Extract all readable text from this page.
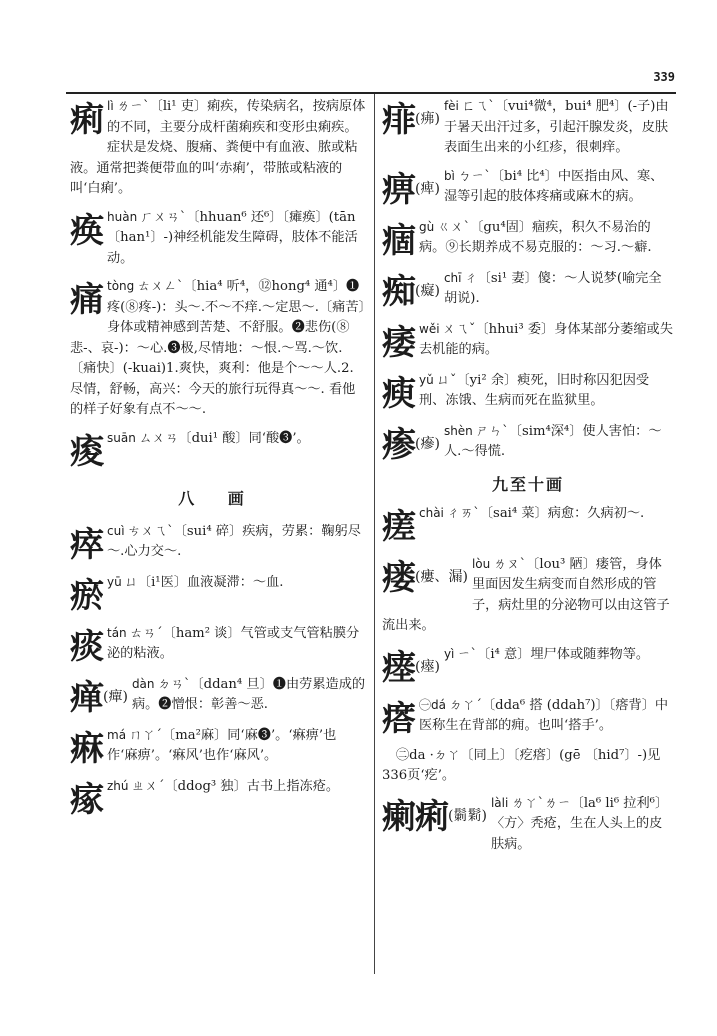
339
痢lì ㄌㄧˋ〔li¹ 吏〕痢疾，传染病名，按病原体的不同，主要分成杆菌痢疾和变形虫痢疾。症状是发烧、腹痛、粪便中有血液、脓或粘液。通常把粪便带血的叫‘赤痢’，带脓或粘液的叫‘白痢’。
痪huàn ㄏㄨㄢˋ〔hhuan⁶ 还⁶〕〔瘫痪〕(tān 〔han¹〕-)神经机能发生障碍，肢体不能活动。
痛tòng ㄊㄨㄥˋ〔hia⁴ 听⁴，⑫hong⁴ 通⁴〕❶疼(⑧疼-)：头～.不～不痒.～定思～.〔痛苦〕身体或精神感到苦楚、不舒服。❷悲伤(⑧悲-、哀-)：～心.❸极,尽情地：～恨.～骂.～饮.〔痛快〕(-kuai)1.爽快，爽利：他是个～～人.2.尽情，舒畅，高兴：今天的旅行玩得真～～. 看他的样子好象有点不～～.
痠suān ㄙㄨㄢ〔dui¹ 酸〕同‘酸❸’。
八 画
瘁cuì ㄘㄨㄟˋ〔sui⁴ 碎〕疾病，劳累：鞠躬尽～.心力交～.
瘀yū ㄩ〔i¹医〕血液凝滞：～血.
痰tán ㄊㄢˊ〔ham² 谈〕气管或支气管粘膜分泌的粘液。
瘅$^{(癉)}$
dàn ㄉㄢˋ〔ddan⁴ 旦〕❶由劳累造成的病。❷憎恨：彰善～恶.
痳má ㄇㄚˊ〔ma²麻〕同‘麻❸’。‘痳痹’也作‘麻痹’。‘痳风’也作‘麻风’。
瘃zhú ㄓㄨˊ〔ddog³ 独〕古书上指冻疮。
痱$^{(疿)}$
fèi ㄈㄟˋ〔vui⁴微⁴，bui⁴ 肥⁴〕(-子)由于暑天出汗过多，引起汗腺发炎，皮肤表面生出来的小红疹，很刺痒。
痹$^{(痺)}$
bì ㄅㄧˋ〔bi⁴ 比⁴〕中医指由风、寒、湿等引起的肢体疼痛或麻木的病。
痼gù ㄍㄨˋ〔gu⁴固〕痼疾，积久不易治的病。⑨长期养成不易克服的：～习.～癖.
痴$^{(癡)}$
chī ㄔ〔si¹ 妻〕傻：～人说梦(喻完全胡说).
痿wěi ㄨㄟˇ〔hhui³ 委〕身体某部分萎缩或失去机能的病。
瘐yǔ ㄩˇ〔yi² 余〕瘐死，旧时称囚犯因受刑、冻饿、生病而死在监狱里。
瘆$^{(瘮)}$
shèn ㄕㄣˋ〔sim⁴深⁴〕使人害怕：～人.～得慌.
九至十画
瘥chài ㄔㄞˋ〔sai⁴ 菜〕病愈：久病初～.
瘘$^{(瘻、漏)}$
lòu ㄌㄡˋ〔lou³ 陋〕瘘管，身体里面因发生病变而自然形成的管子，病灶里的分泌物可以由这管子流出来。
瘗$^{(瘞)}$
yì ㄧˋ〔i⁴ 意〕埋尸体或随葬物等。
瘩 ㊀dá ㄉㄚˊ〔dda⁶ 搭 (ddah⁷)〕〔瘩背〕中医称生在背部的痈。也叫‘搭手’。
㊁da ·ㄉㄚ〔同上〕〔疙瘩〕(gē 〔hid⁷〕-)见336页‘疙’。
瘌痢$^{(鬎鬁)}$
làli ㄌㄚˋㄌㄧ〔la⁶ li⁶ 拉利⁶〕〈方〉秃疮，生在人头上的皮肤病。
